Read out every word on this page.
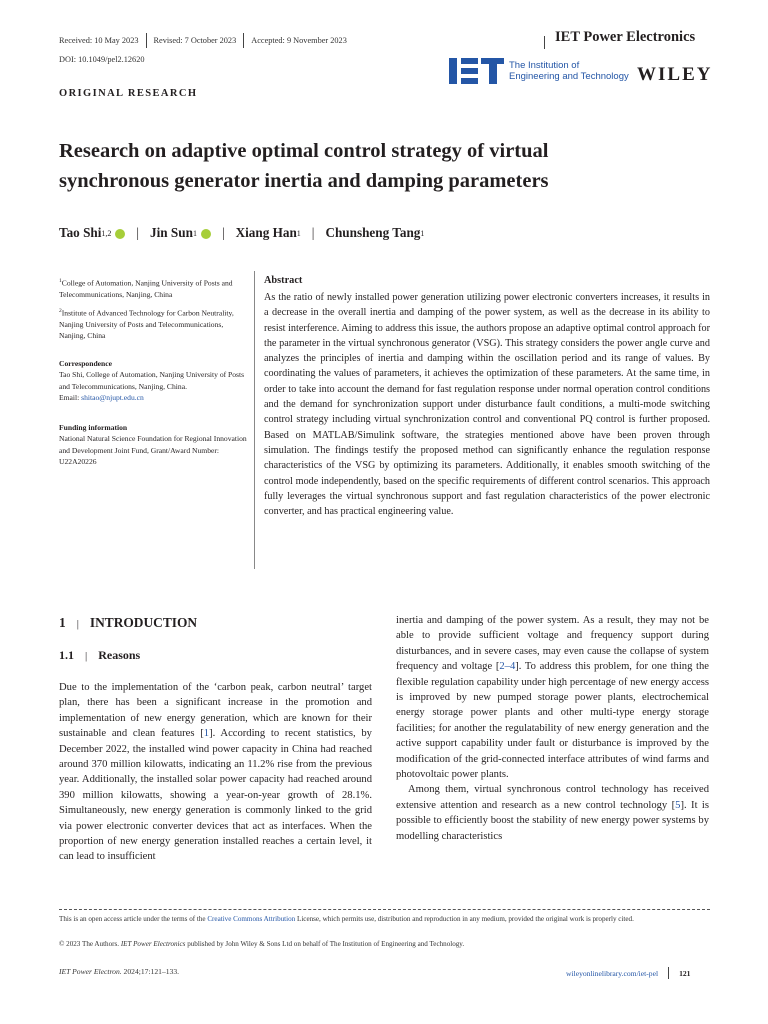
Received: 10 May 2023 Revised: 7 October 2023 Accepted: 9 November 2023
DOI: 10.1049/pel2.12620
IET Power Electronics
The Institution of
Engineering and Technology WILEY
ORIGINAL RESEARCH
Research on adaptive optimal control strategy of virtual
synchronous generator inertia and damping parameters
Tao Shi 1,2 | Jin Sun 1 | Xiang Han 1 | Chunsheng Tang 1
$^1$College of Automation, Nanjing University of Posts and Telecommunications, Nanjing, China
$^2$Institute of Advanced Technology for Carbon Neutrality, Nanjing University of Posts and Telecommunications, Nanjing, China
Correspondence
Tao Shi, College of Automation, Nanjing University of Posts and Telecommunications, Nanjing, China.
Email: shitao@njupt.edu.cn
Funding information
National Natural Science Foundation for Regional Innovation and Development Joint Fund, Grant/Award Number: U22A20226
Abstract
As the ratio of newly installed power generation utilizing power electronic converters increases, it results in a decrease in the overall inertia and damping of the power system, as well as the decrease in its ability to resist interference. Aiming to address this issue, the authors propose an adaptive optimal control approach for the parameter in the virtual synchronous generator (VSG). This strategy considers the power angle curve and analyzes the principles of inertia and damping within the oscillation period and its range of values. By coordinating the values of parameters, it achieves the optimization of these parameters. At the same time, in order to take into account the demand for fast regulation response under normal operation control conditions and the demand for synchronization support under disturbance fault conditions, a multi-mode switching control strategy including virtual synchronization control and conventional PQ control is further proposed. Based on MATLAB/Simulink software, the strategies mentioned above have been proven through simulation. The findings testify the proposed method can significantly enhance the regulation response characteristics of the VSG by optimizing its parameters. Additionally, it enables smooth switching of the control mode independently, based on the specific requirements of different control scenarios. This approach fully leverages the virtual synchronous support and fast regulation characteristics of the power electronic converter, and has practical engineering value.
1 | INTRODUCTION
1.1 | Reasons

Due to the implementation of the ‘carbon peak, carbon neutral’ target plan, there has been a significant increase in the promotion and implementation of new energy generation, which are known for their sustainable and clean features [1]. According to recent statistics, by December 2022, the installed wind power capacity in China had reached around 370 million kilowatts, indicating an 11.2% rise from the previous year. Additionally, the installed solar power capacity had reached around 390 million kilowatts, showing a year-on-year growth of 28.1%. Simultaneously, new energy generation is commonly linked to the grid via power electronic converter devices that act as interfaces. When the proportion of new energy generation installed reaches a certain level, it can lead to insufficient

inertia and damping of the power system. As a result, they may not be able to provide sufficient voltage and frequency support during disturbances, and in severe cases, may even cause the collapse of system frequency and voltage [2–4]. To address this problem, for one thing the flexible regulation capability under high percentage of new energy access is improved by new pumped storage power plants, electrochemical energy storage power plants and other multi-type energy storage facilities; for another the regulatability of new energy generation and the active support capability under fault or disturbance is improved by the modification of the grid-connected interface attributes of wind farms and photovoltaic power plants.

Among them, virtual synchronous control technology has received extensive attention and research as a new control technology [5]. It is possible to efficiently boost the stability of new energy power systems by modelling characteristics

This is an open access article under the terms of the Creative Commons Attribution License, which permits use, distribution and reproduction in any medium, provided the original work is properly cited.
© 2023 The Authors. IET Power Electronics published by John Wiley & Sons Ltd on behalf of The Institution of Engineering and Technology.
IET Power Electron. 2024;17:121–133.	wileyonlinelibrary.com/iet-pel	121
